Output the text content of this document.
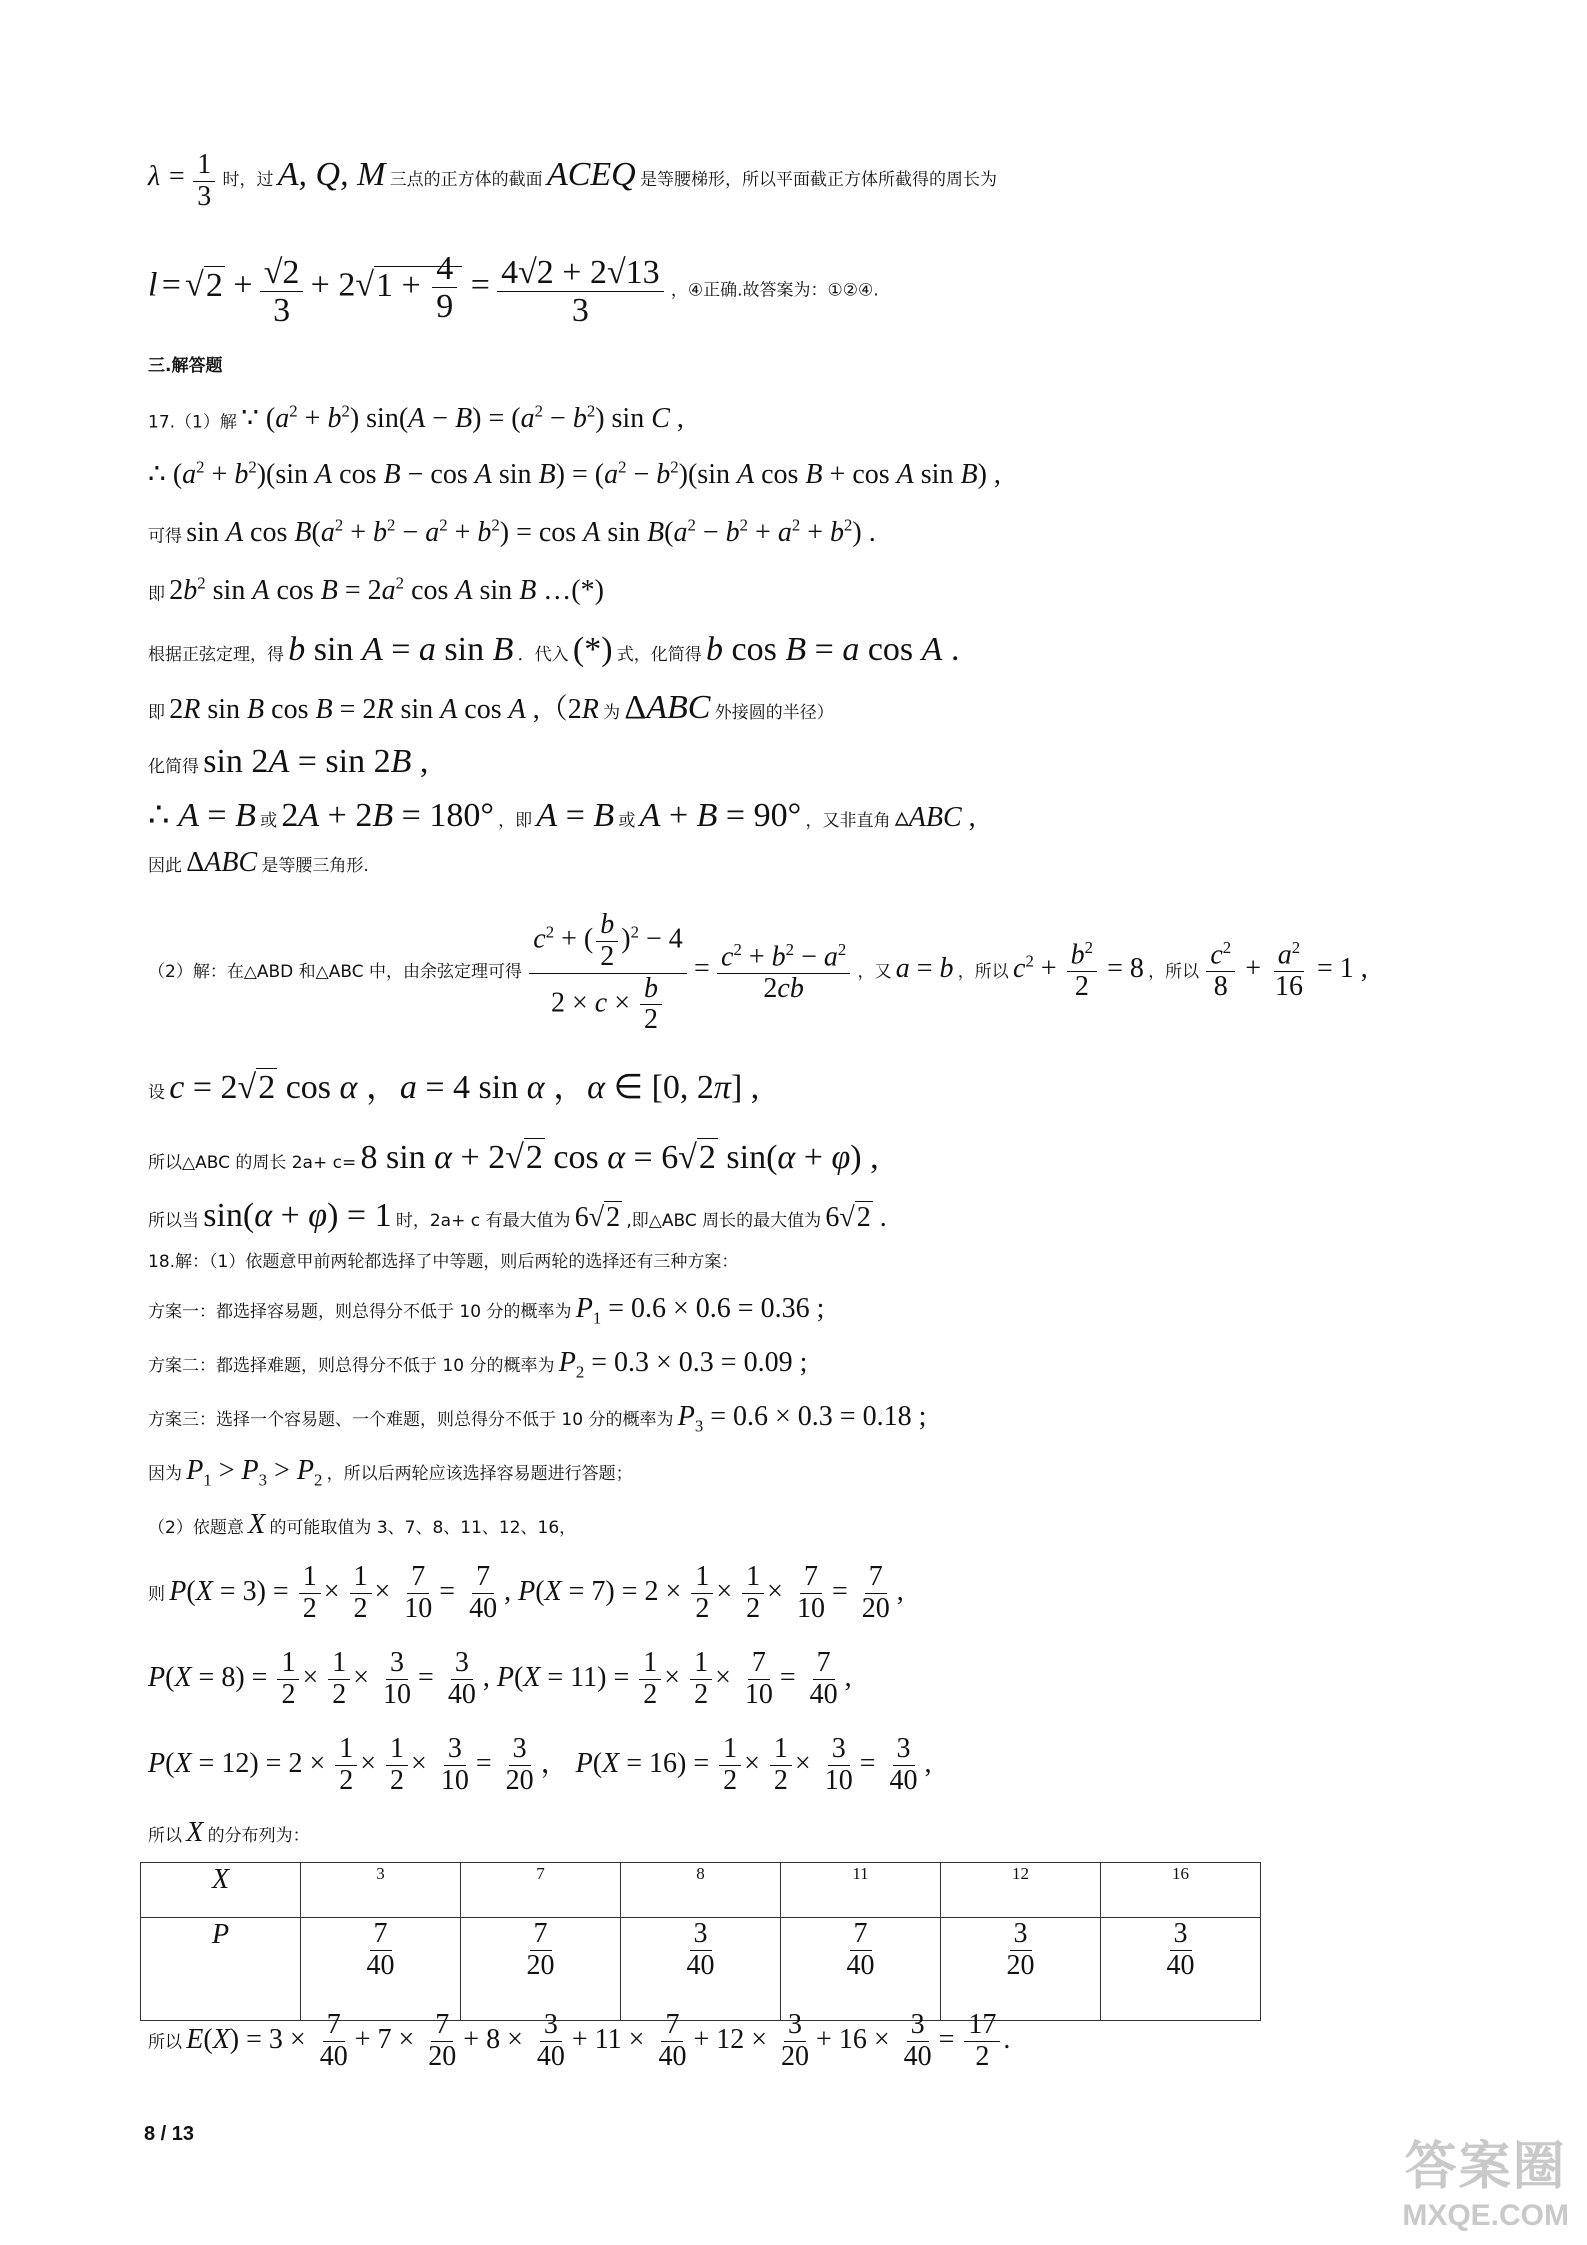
$\lambda = \frac{1}{3}$ 时，过 A, Q, M 三点的正方体的截面 ACEQ 是等腰梯形，所以平面截正方体所截得的周长为
$l = √2 + \frac{√2}{3} + 2√1 + \frac{4}{9} = \frac{4√2 + 2√13}{3}$ ，④正确.故答案为：①②④.
三.解答题
17.（1）解 ∵ $(a^2 + b^2) \sin(A - B) = (a^2 - b^2)$ sin C ,
∴ $(a^2 + b^2)(\sin$ A cos B − cos A $\sin B) = (a^2 - b^2)(\sin$ A cos B + cos A sin B) ,
可得 sin A $\cos B(a^2 + b^2 - a^2 + b^2) = \cos A$ $\sin B(a^2 - b^2 + a^2 + b^2)$ .
即 $2b^2$ sin A $\cos B = 2a^2$ cos A sin B …(*)
根据正弦定理，得 b sin A = a sin B ．代入 (*) 式，化简得 b cos B = a cos A .
即 2R sin B cos B = 2R sin A cos A ,（2R 为 ΔABC 外接圆的半径）
化简得 sin 2A = sin 2B ,
∴ A = B 或 2A + 2B = 180° ，即 A = B 或 A + B = 90° ，又非直角 ▵ABC ,
因此 ΔABC 是等腰三角形.
（2）解：在△ABD 和△ABC 中，由余弦定理可得 $\frac{c^2 + ( \frac{b}{2} )^2 - 4}{2 \times c \times \frac{b}{2}} = \frac{c^2 + b^2 - a^2}{2cb}$ ，又 a = b ，所以 $c^2 + \frac{b^2}{2} = 8$ ，所以 $\frac{c^2}{8} + \frac{a^2}{16} = 1$ ,
设 c = 2√2 cos α ，a = 4 sin α ，α ∈ [0, 2π] ,
所以△ABC 的周长 2a+ c= 8 sin α + 2√2 cos α = 6√2 sin(α + φ) ,
所以当 sin(α + φ) = 1 时，2a+ c 有最大值为 6√2 ,即△ABC 周长的最大值为 6√2 .
18.解：（1）依题意甲前两轮都选择了中等题，则后两轮的选择还有三种方案：
方案一：都选择容易题，则总得分不低于 10 分的概率为 $P_1 = 0.6 \times 0.6 = 0.36$ ;
方案二：都选择难题，则总得分不低于 10 分的概率为 $P_2 = 0.3 \times 0.3 = 0.09$ ;
方案三：选择一个容易题、一个难题，则总得分不低于 10 分的概率为 $P_3 = 0.6 \times 0.3 = 0.18$ ;
因为 $P_1 > P_3 > P_2$ ，所以后两轮应该选择容易题进行答题；
（2）依题意 X 的可能取值为 3、7、8、11、12、16，
则 $P(X = 3) = \frac{1}{2} \times \frac{1}{2} \times \frac{7}{10} = \frac{7}{40}$ , $P(X = 7) = 2 \times \frac{1}{2} \times \frac{1}{2} \times \frac{7}{10} = \frac{7}{20}$ ,
$P(X = 8) = \frac{1}{2} \times \frac{1}{2} \times \frac{3}{10} = \frac{3}{40}$ , $P(X = 11) = \frac{1}{2} \times \frac{1}{2} \times \frac{7}{10} = \frac{7}{40}$ ,
$P(X = 12) = 2 \times \frac{1}{2} \times \frac{1}{2} \times \frac{3}{10} = \frac{3}{20}$ ， $P(X = 16) = \frac{1}{2} \times \frac{1}{2} \times \frac{3}{10} = \frac{3}{40}$ ,
所以 X 的分布列为：
X	3	7	8	11	12	16
P	$\frac{7}{40}$	$\frac{7}{20}$	$\frac{3}{40}$	$\frac{7}{40}$	$\frac{3}{20}$	$\frac{3}{40}$
所以 $E(X) = 3 \times \frac{7}{40} + 7 \times \frac{7}{20} + 8 \times \frac{3}{40} + 11 \times \frac{7}{40} + 12 \times \frac{3}{20} + 16 \times \frac{3}{40} = \frac{17}{2}$ .
8 / 13
答案圈
MXQE.COM
